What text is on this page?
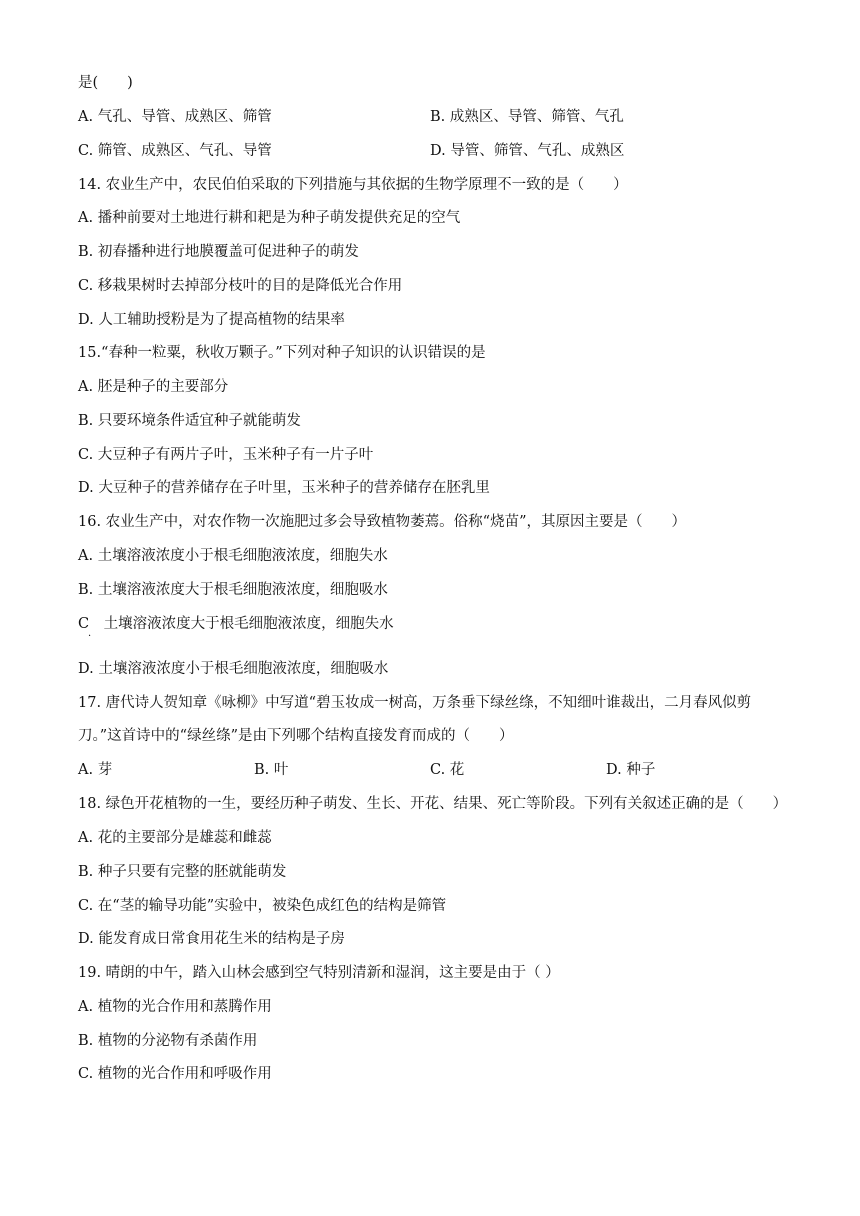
是(　　)
A. 气孔、导管、成熟区、筛管	B. 成熟区、导管、筛管、气孔
C. 筛管、成熟区、气孔、导管	D. 导管、筛管、气孔、成熟区
14. 农业生产中，农民伯伯采取的下列措施与其依据的生物学原理不一致的是（　　）
A. 播种前要对土地进行耕和耙是为种子萌发提供充足的空气
B. 初春播种进行地膜覆盖可促进种子的萌发
C. 移栽果树时去掉部分枝叶的目的是降低光合作用
D. 人工辅助授粉是为了提高植物的结果率
15.“春种一粒粟，秋收万颗子。”下列对种子知识的认识错误的是
A. 胚是种子的主要部分
B. 只要环境条件适宜种子就能萌发
C. 大豆种子有两片子叶，玉米种子有一片子叶
D. 大豆种子的营养储存在子叶里，玉米种子的营养储存在胚乳里
16. 农业生产中，对农作物一次施肥过多会导致植物萎蔫。俗称“烧苗”，其原因主要是（　　）
A. 土壤溶液浓度小于根毛细胞液浓度，细胞失水
B. 土壤溶液浓度大于根毛细胞液浓度，细胞吸水
C　土壤溶液浓度大于根毛细胞液浓度，细胞失水
·
D. 土壤溶液浓度小于根毛细胞液浓度，细胞吸水
17. 唐代诗人贺知章《咏柳》中写道“碧玉妆成一树高，万条垂下绿丝绦，不知细叶谁裁出，二月春风似剪
刀。”这首诗中的“绿丝绦”是由下列哪个结构直接发育而成的（　　）
A. 芽	B. 叶	C. 花	D. 种子
18. 绿色开花植物的一生，要经历种子萌发、生长、开花、结果、死亡等阶段。下列有关叙述正确的是（　　）
A. 花的主要部分是雄蕊和雌蕊
B. 种子只要有完整的胚就能萌发
C. 在“茎的输导功能”实验中，被染色成红色的结构是筛管
D. 能发育成日常食用花生米的结构是子房
19. 晴朗的中午，踏入山林会感到空气特别清新和湿润，这主要是由于（ ）
A. 植物的光合作用和蒸腾作用
B. 植物的分泌物有杀菌作用
C. 植物的光合作用和呼吸作用
